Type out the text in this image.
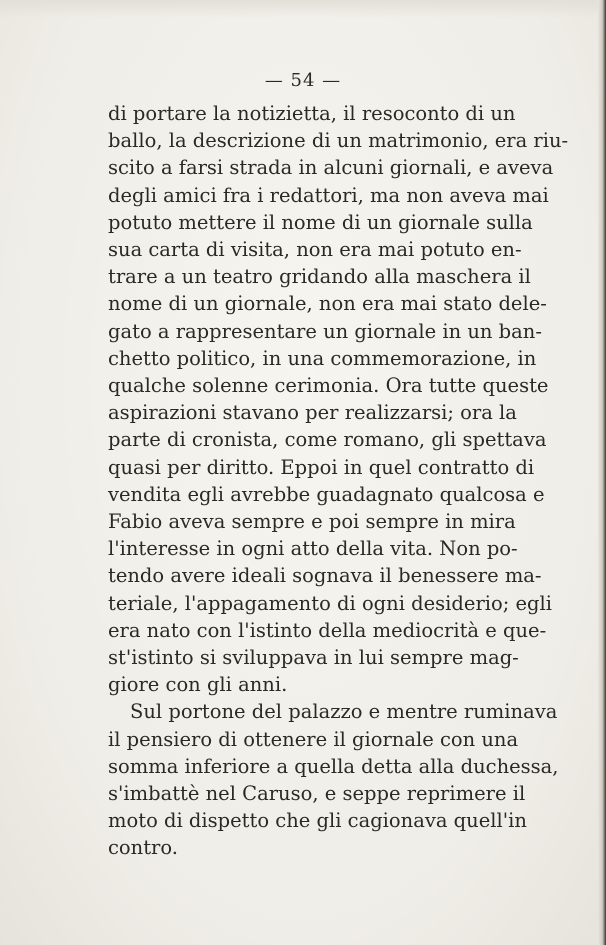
— 54 —
di portare la notizietta, il resoconto di un
ballo, la descrizione di un matrimonio, era riu-
scito a farsi strada in alcuni giornali, e aveva
degli amici fra i redattori, ma non aveva mai
potuto mettere il nome di un giornale sulla
sua carta di visita, non era mai potuto en-
trare a un teatro gridando alla maschera il
nome di un giornale, non era mai stato dele-
gato a rappresentare un giornale in un ban-
chetto politico, in una commemorazione, in
qualche solenne cerimonia. Ora tutte queste
aspirazioni stavano per realizzarsi; ora la
parte di cronista, come romano, gli spettava
quasi per diritto. Eppoi in quel contratto di
vendita egli avrebbe guadagnato qualcosa e
Fabio aveva sempre e poi sempre in mira
l'interesse in ogni atto della vita. Non po-
tendo avere ideali sognava il benessere ma-
teriale, l'appagamento di ogni desiderio; egli
era nato con l'istinto della mediocrità e que-
st'istinto si sviluppava in lui sempre mag-
giore con gli anni.
Sul portone del palazzo e mentre ruminava
il pensiero di ottenere il giornale con una
somma inferiore a quella detta alla duchessa,
s'imbattè nel Caruso, e seppe reprimere il
moto di dispetto che gli cagionava quell'in
contro.
